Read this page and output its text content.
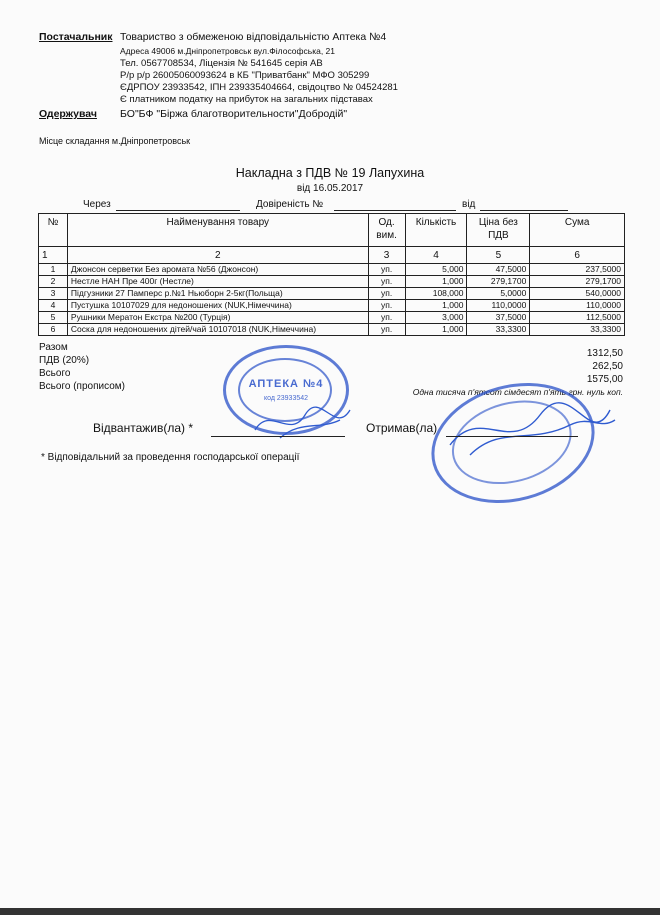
Постачальник Товариство з обмеженою відповідальністю Аптека №4
Адреса 49006 м.Дніпропетровськ вул.Філософська, 21
Тел. 0567708534, Ліцензія № 541645 серія АВ
Р/р р/р 26005060093624 в КБ "Приватбанк" МФО 305299
ЄДРПОУ 23933542, ІПН 239335404664, свідоцтво № 04524281
Є платником податку на прибуток на загальних підставах
Одержувач БО"БФ "Біржа благотворительности"Добродій"
Місце складання м.Дніпропетровськ
Накладна з ПДВ № 19 Лапухина
від 16.05.2017
Через	Довіреність №	від
№	Найменування товару	Од. вим.	Кількість	Ціна без ПДВ	Сума
1	2	3	4	5	6
1	Джонсон серветки Без аромата №56 (Джонсон)	уп.	5,000	47,5000	237,5000
2	Нестле НАН Пре 400г (Нестле)	уп.	1,000	279,1700	279,1700
3	Підгузники 27 Памперс р.№1 Ньюборн 2-5кг(Польща)	уп.	108,000	5,0000	540,0000
4	Пустушка 10107029 для недоношених (NUK,Німеччина)	уп.	1,000	110,0000	110,0000
5	Рушники Мератон Екстра №200 (Турція)	уп.	3,000	37,5000	112,5000
6	Соска для недоношених дітей/чай 10107018 (NUK,Німеччина)	уп.	1,000	33,3300	33,3300
Разом
1312,50
ПДВ (20%)
262,50
Всього
1575,00
Всього (прописом)	Одна тисяча п'ятсот сімдесят п'ять грн. нуль коп.
АПТЕКА №4
код 23933542
Відвантажив(ла) *	Отримав(ла)
* Відповідальний за проведення господарської операції
